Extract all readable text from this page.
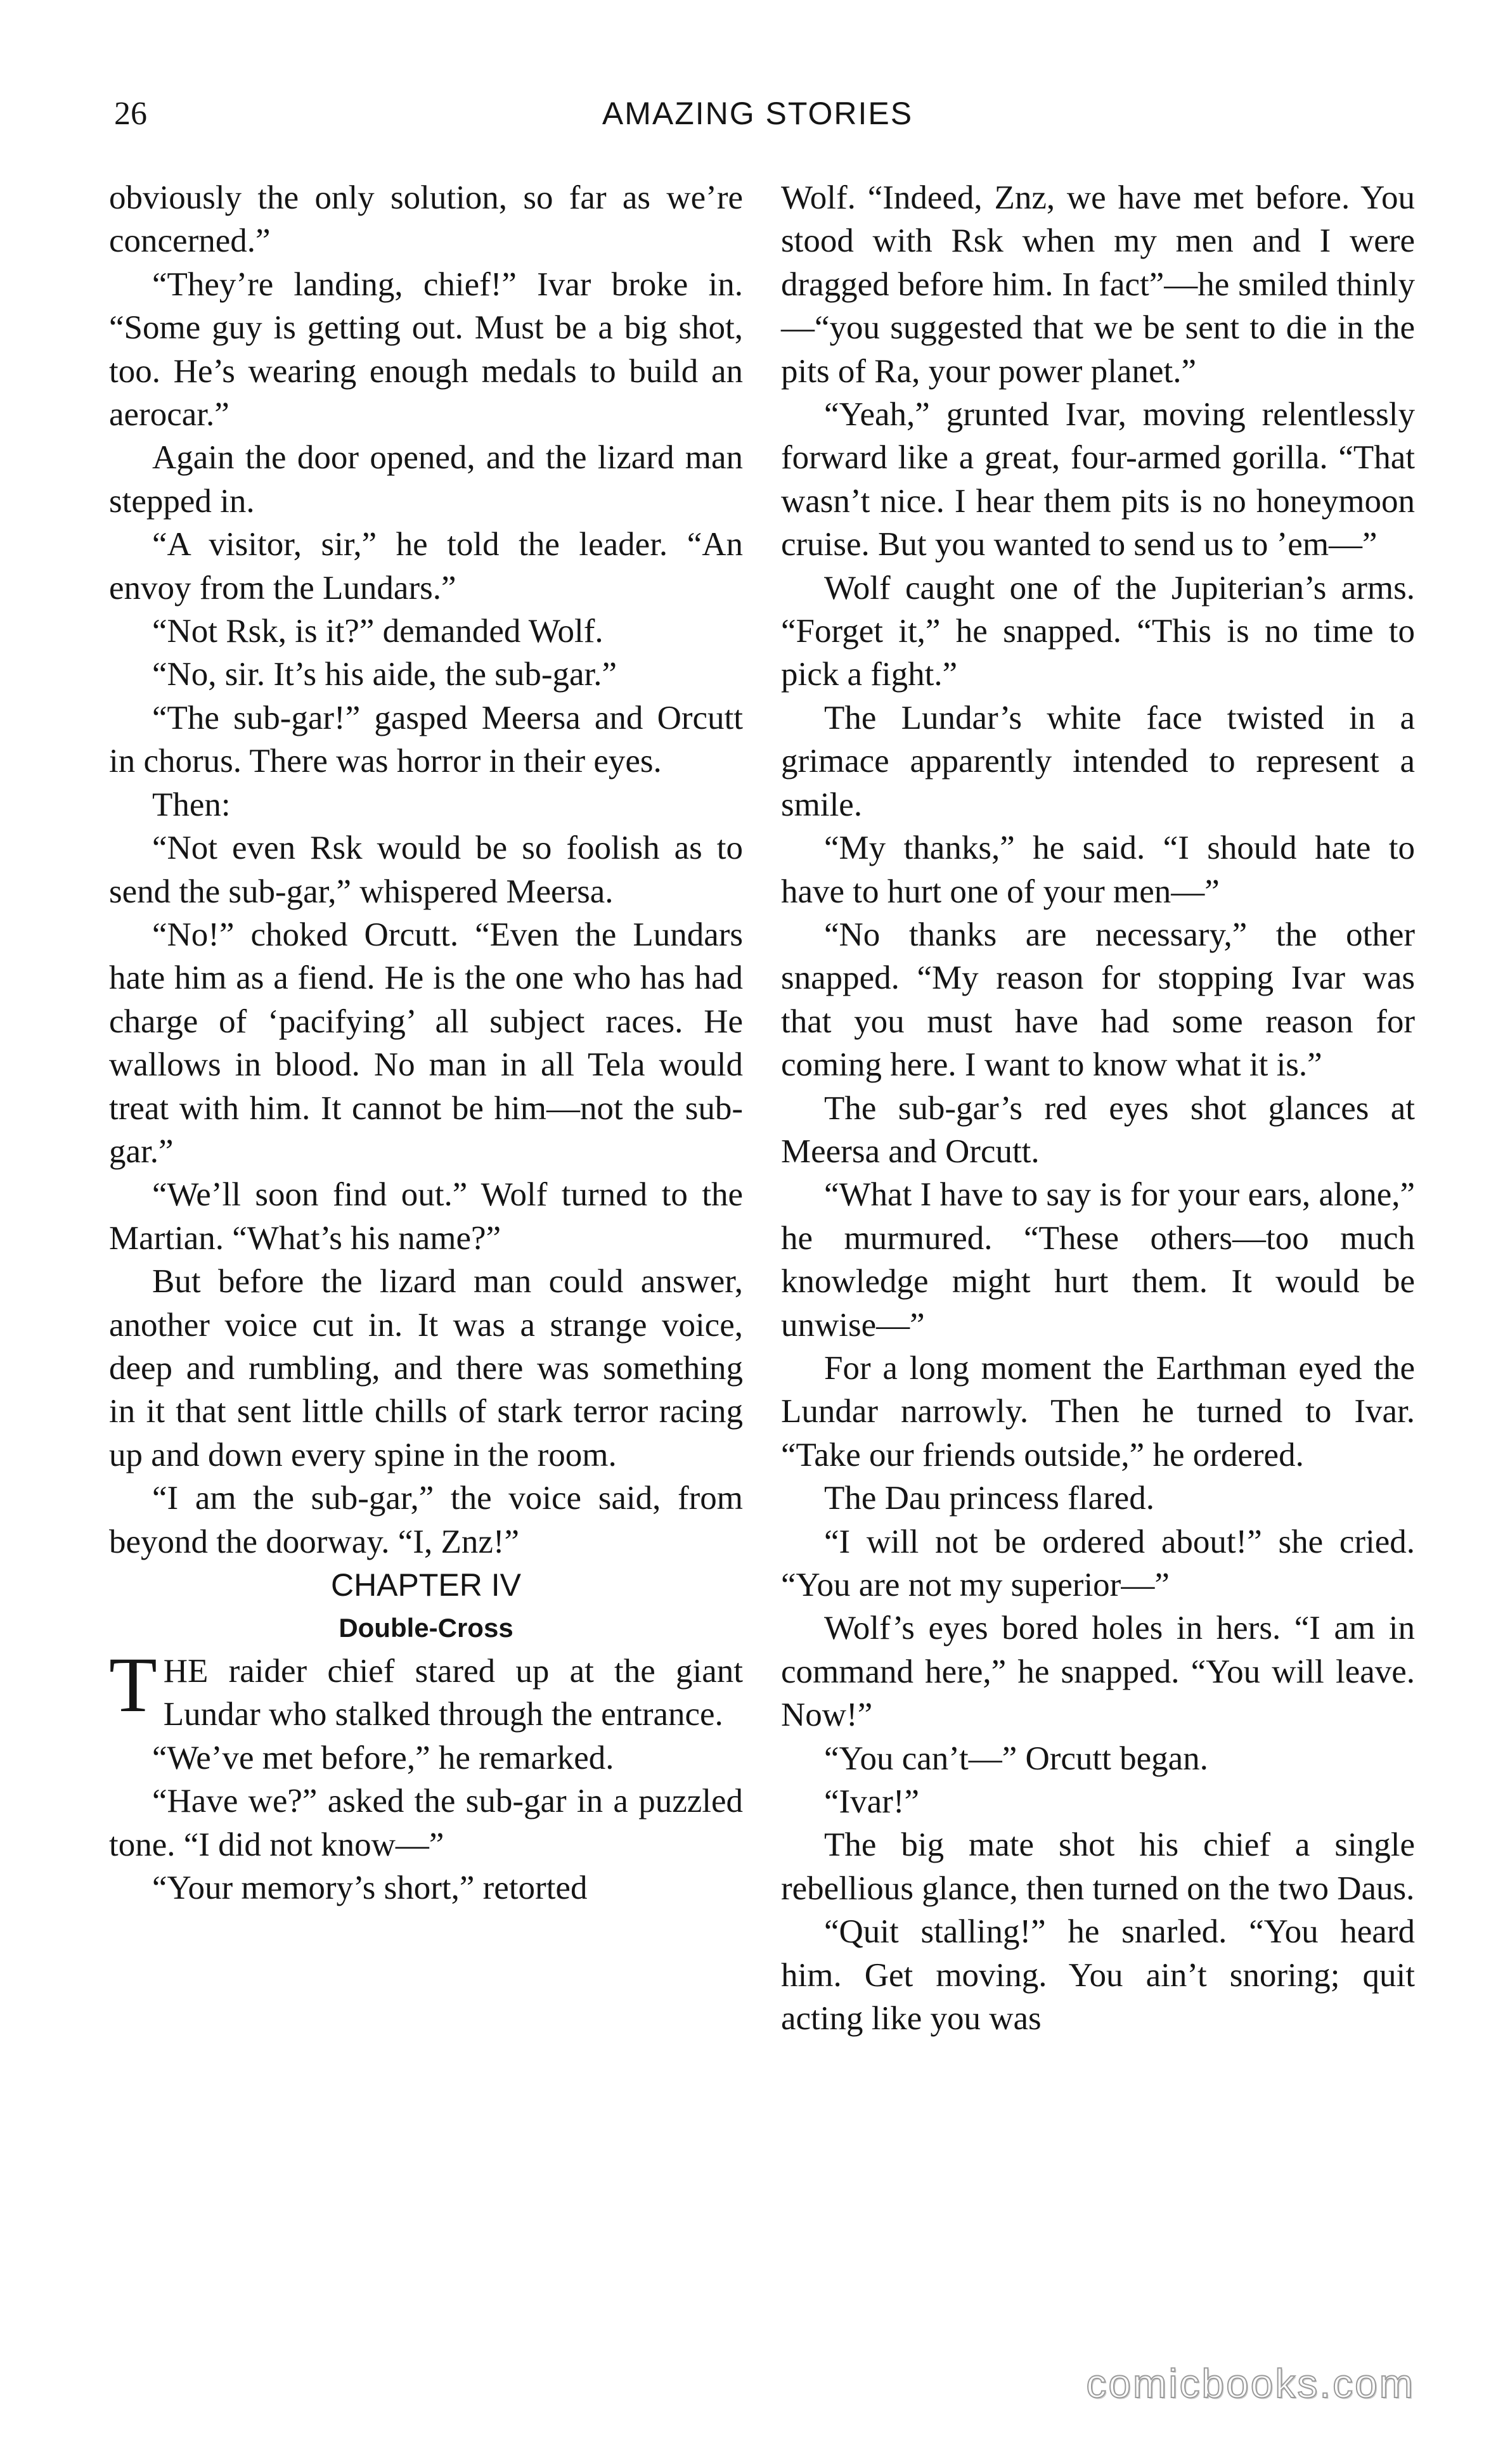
26	AMAZING STORIES

obviously the only solution, so far as we’re concerned.”

“They’re landing, chief!” Ivar broke in. “Some guy is getting out. Must be a big shot, too. He’s wearing enough medals to build an aerocar.”

Again the door opened, and the lizard man stepped in.

“A visitor, sir,” he told the leader. “An envoy from the Lundars.”

“Not Rsk, is it?” demanded Wolf.

“No, sir. It’s his aide, the sub-gar.”

“The sub-gar!” gasped Meersa and Orcutt in chorus. There was horror in their eyes.

Then:

“Not even Rsk would be so foolish as to send the sub-gar,” whispered Meersa.

“No!” choked Orcutt. “Even the Lundars hate him as a fiend. He is the one who has had charge of ‘pacifying’ all subject races. He wallows in blood. No man in all Tela would treat with him. It cannot be him—not the sub-gar.”

“We’ll soon find out.” Wolf turned to the Martian. “What’s his name?”

But before the lizard man could answer, another voice cut in. It was a strange voice, deep and rumbling, and there was something in it that sent little chills of stark terror racing up and down every spine in the room.

“I am the sub-gar,” the voice said, from beyond the doorway. “I, Znz!”

CHAPTER IV

Double-Cross

THE raider chief stared up at the giant Lundar who stalked through the entrance.

“We’ve met before,” he remarked.

“Have we?” asked the sub-gar in a puzzled tone. “I did not know—”

“Your memory’s short,” retorted

Wolf. “Indeed, Znz, we have met before. You stood with Rsk when my men and I were dragged before him. In fact”—he smiled thinly—“you suggested that we be sent to die in the pits of Ra, your power planet.”

“Yeah,” grunted Ivar, moving relentlessly forward like a great, four-armed gorilla. “That wasn’t nice. I hear them pits is no honeymoon cruise. But you wanted to send us to ’em—”

Wolf caught one of the Jupiterian’s arms. “Forget it,” he snapped. “This is no time to pick a fight.”

The Lundar’s white face twisted in a grimace apparently intended to represent a smile.

“My thanks,” he said. “I should hate to have to hurt one of your men—”

“No thanks are necessary,” the other snapped. “My reason for stopping Ivar was that you must have had some reason for coming here. I want to know what it is.”

The sub-gar’s red eyes shot glances at Meersa and Orcutt.

“What I have to say is for your ears, alone,” he murmured. “These others—too much knowledge might hurt them. It would be unwise—”

For a long moment the Earthman eyed the Lundar narrowly. Then he turned to Ivar. “Take our friends outside,” he ordered.

The Dau princess flared.

“I will not be ordered about!” she cried. “You are not my superior—”

Wolf’s eyes bored holes in hers. “I am in command here,” he snapped. “You will leave. Now!”

“You can’t—” Orcutt began.

“Ivar!”

The big mate shot his chief a single rebellious glance, then turned on the two Daus.

“Quit stalling!” he snarled. “You heard him. Get moving. You ain’t snoring; quit acting like you was

comicbooks.com
